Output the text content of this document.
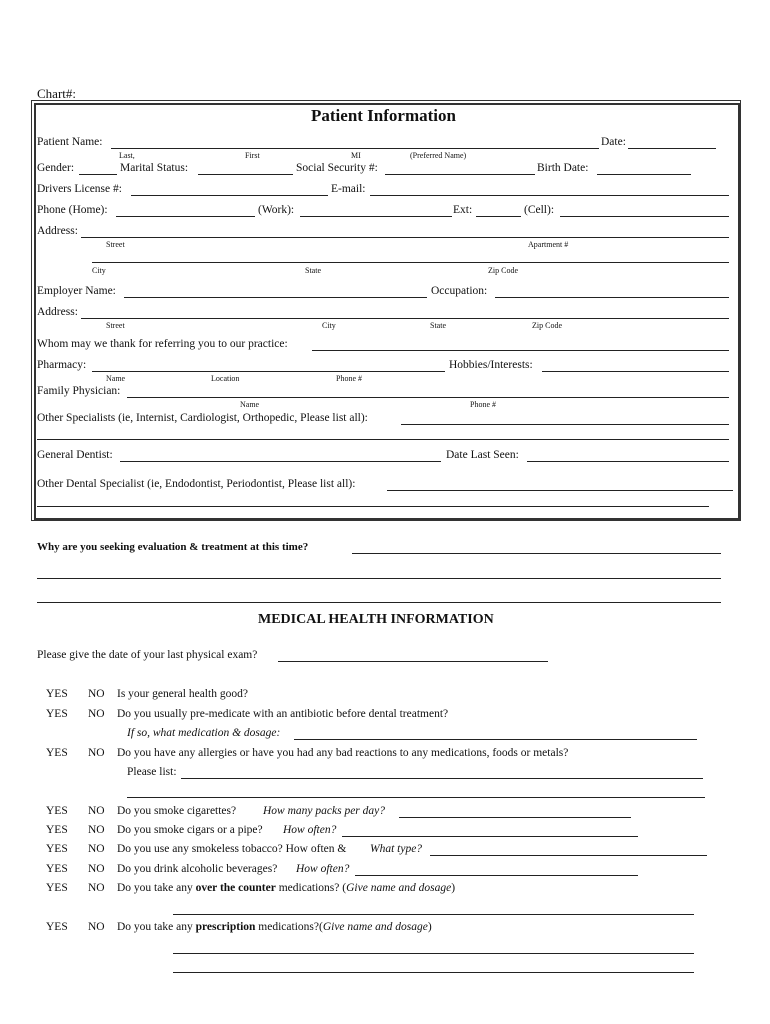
Chart#:
Patient Information
Patient Name:	Date:
Last,	First	MI	(Preferred Name)
Gender:	Marital Status:	Social Security #:	Birth Date:
Drivers License #:	E-mail:
Phone (Home):	(Work):	Ext:	(Cell):
Address:
Street	Apartment #
City	State	Zip Code
Employer Name:	Occupation:
Address:
Street	City	State	Zip Code
Whom may we thank for referring you to our practice:
Pharmacy:	Hobbies/Interests:
Name	Location	Phone #
Family Physician:
Name	Phone #
Other Specialists (ie, Internist, Cardiologist, Orthopedic, Please list all):
General Dentist:	Date Last Seen:
Other Dental Specialist (ie, Endodontist, Periodontist, Please list all):
Why are you seeking evaluation & treatment at this time?
MEDICAL HEALTH INFORMATION
Please give the date of your last physical exam?
YES NO Is your general health good?
YES NO Do you usually pre-medicate with an antibiotic before dental treatment?
If so, what medication & dosage:
YES NO Do you have any allergies or have you had any bad reactions to any medications, foods or metals?
Please list:
YES NO Do you smoke cigarettes? How many packs per day?
YES NO Do you smoke cigars or a pipe? How often?
YES NO Do you use any smokeless tobacco? How often & What type?
YES NO Do you drink alcoholic beverages? How often?
YES NO Do you take any over the counter medications? (Give name and dosage)
YES NO Do you take any prescription medications?(Give name and dosage)
